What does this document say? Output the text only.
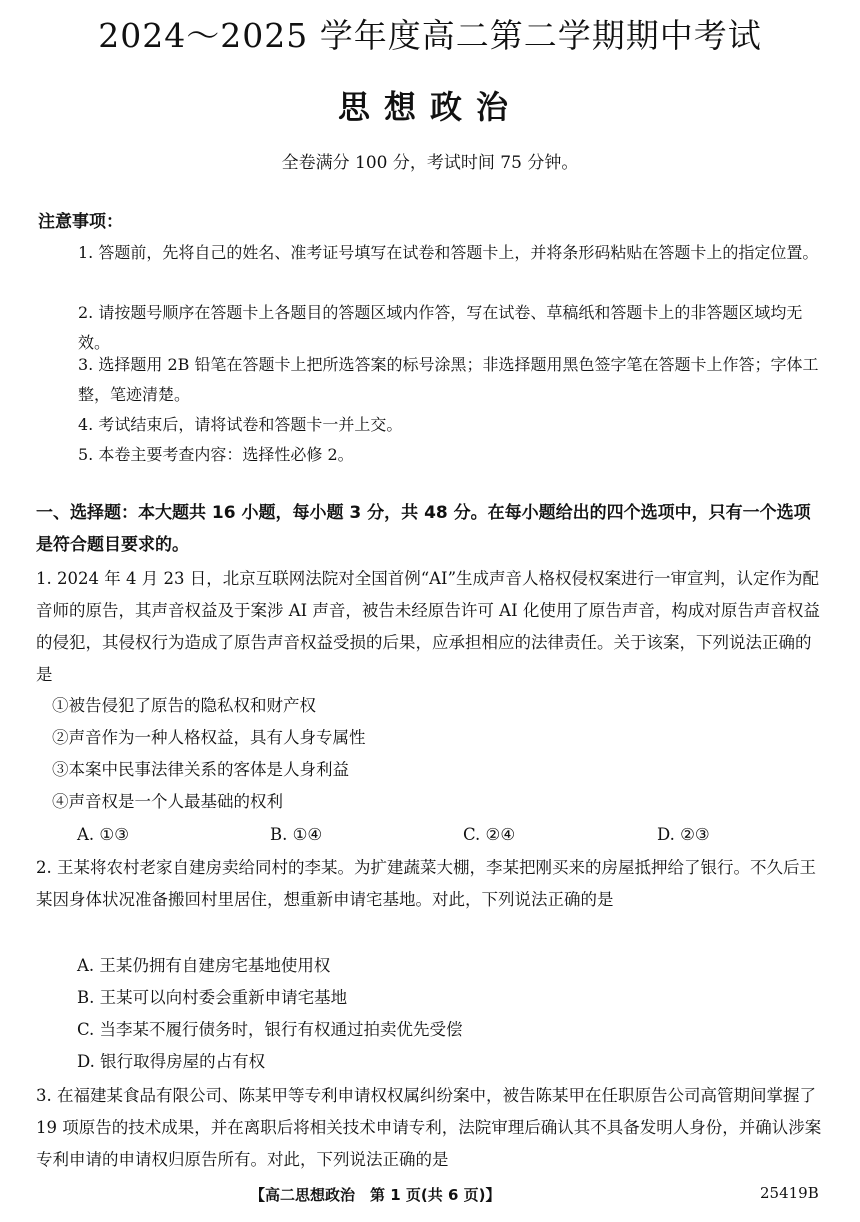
2024～2025 学年度高二第二学期期中考试
思想政治
全卷满分 100 分，考试时间 75 分钟。
注意事项：
1. 答题前，先将自己的姓名、准考证号填写在试卷和答题卡上，并将条形码粘贴在答题卡上的指定位置。
2. 请按题号顺序在答题卡上各题目的答题区域内作答，写在试卷、草稿纸和答题卡上的非答题区域均无效。
3. 选择题用 2B 铅笔在答题卡上把所选答案的标号涂黑；非选择题用黑色签字笔在答题卡上作答；字体工整，笔迹清楚。
4. 考试结束后，请将试卷和答题卡一并上交。
5. 本卷主要考查内容：选择性必修 2。
一、选择题：本大题共 16 小题，每小题 3 分，共 48 分。在每小题给出的四个选项中，只有一个选项是符合题目要求的。
1. 2024 年 4 月 23 日，北京互联网法院对全国首例“AI”生成声音人格权侵权案进行一审宣判，认定作为配音师的原告，其声音权益及于案涉 AI 声音，被告未经原告许可 AI 化使用了原告声音，构成对原告声音权益的侵犯，其侵权行为造成了原告声音权益受损的后果，应承担相应的法律责任。关于该案，下列说法正确的是
①被告侵犯了原告的隐私权和财产权
②声音作为一种人格权益，具有人身专属性
③本案中民事法律关系的客体是人身利益
④声音权是一个人最基础的权利
A. ①③	B. ①④	C. ②④	D. ②③
2. 王某将农村老家自建房卖给同村的李某。为扩建蔬菜大棚，李某把刚买来的房屋抵押给了银行。不久后王某因身体状况准备搬回村里居住，想重新申请宅基地。对此，下列说法正确的是
A. 王某仍拥有自建房宅基地使用权
B. 王某可以向村委会重新申请宅基地
C. 当李某不履行债务时，银行有权通过拍卖优先受偿
D. 银行取得房屋的占有权
3. 在福建某食品有限公司、陈某甲等专利申请权权属纠纷案中，被告陈某甲在任职原告公司高管期间掌握了 19 项原告的技术成果，并在离职后将相关技术申请专利，法院审理后确认其不具备发明人身份，并确认涉案专利申请的申请权归原告所有。对此，下列说法正确的是
【高二思想政治　第 1 页(共 6 页)】	25419B
